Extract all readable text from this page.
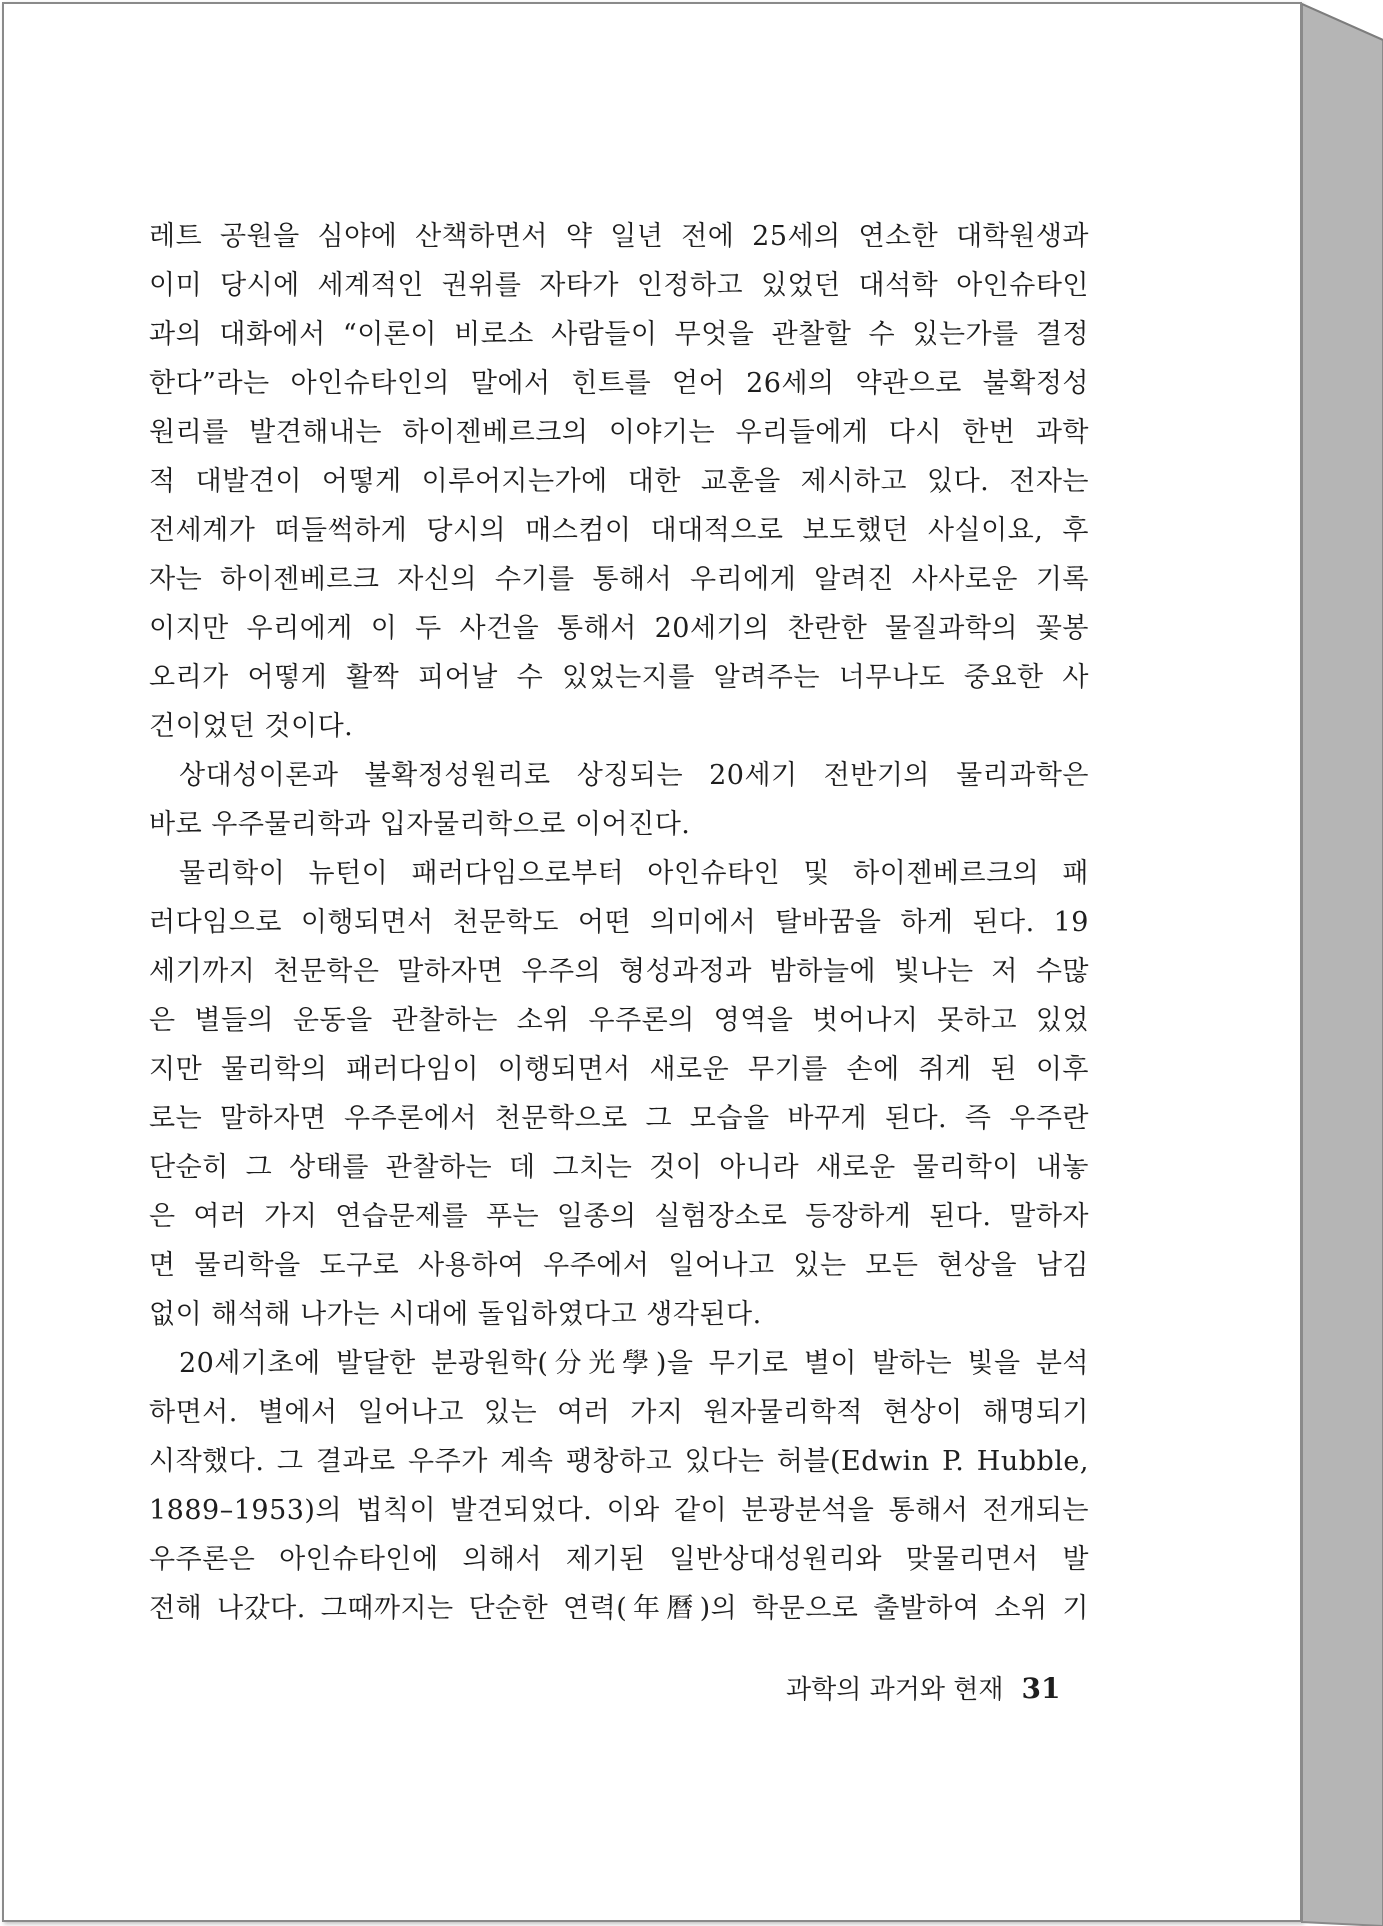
레트 공원을 심야에 산책하면서 약 일년 전에 25세의 연소한 대학원생과
이미 당시에 세계적인 권위를 자타가 인정하고 있었던 대석학 아인슈타인
과의 대화에서 “이론이 비로소 사람들이 무엇을 관찰할 수 있는가를 결정
한다”라는 아인슈타인의 말에서 힌트를 얻어 26세의 약관으로 불확정성
원리를 발견해내는 하이젠베르크의 이야기는 우리들에게 다시 한번 과학
적 대발견이 어떻게 이루어지는가에 대한 교훈을 제시하고 있다. 전자는
전세계가 떠들썩하게 당시의 매스컴이 대대적으로 보도했던 사실이요, 후
자는 하이젠베르크 자신의 수기를 통해서 우리에게 알려진 사사로운 기록
이지만 우리에게 이 두 사건을 통해서 20세기의 찬란한 물질과학의 꽃봉
오리가 어떻게 활짝 피어날 수 있었는지를 알려주는 너무나도 중요한 사
건이었던 것이다.
상대성이론과 불확정성원리로 상징되는 20세기 전반기의 물리과학은
바로 우주물리학과 입자물리학으로 이어진다.
물리학이 뉴턴이 패러다임으로부터 아인슈타인 및 하이젠베르크의 패
러다임으로 이행되면서 천문학도 어떤 의미에서 탈바꿈을 하게 된다. 19
세기까지 천문학은 말하자면 우주의 형성과정과 밤하늘에 빛나는 저 수많
은 별들의 운동을 관찰하는 소위 우주론의 영역을 벗어나지 못하고 있었
지만 물리학의 패러다임이 이행되면서 새로운 무기를 손에 쥐게 된 이후
로는 말하자면 우주론에서 천문학으로 그 모습을 바꾸게 된다. 즉 우주란
단순히 그 상태를 관찰하는 데 그치는 것이 아니라 새로운 물리학이 내놓
은 여러 가지 연습문제를 푸는 일종의 실험장소로 등장하게 된다. 말하자
면 물리학을 도구로 사용하여 우주에서 일어나고 있는 모든 현상을 남김
없이 해석해 나가는 시대에 돌입하였다고 생각된다.
20세기초에 발달한 분광원학(分光學)을 무기로 별이 발하는 빛을 분석
하면서. 별에서 일어나고 있는 여러 가지 원자물리학적 현상이 해명되기
시작했다. 그 결과로 우주가 계속 팽창하고 있다는 허블(Edwin P. Hubble,
1889–1953)의 법칙이 발견되었다. 이와 같이 분광분석을 통해서 전개되는
우주론은 아인슈타인에 의해서 제기된 일반상대성원리와 맞물리면서 발
전해 나갔다. 그때까지는 단순한 연력(年曆)의 학문으로 출발하여 소위 기
과학의 과거와 현재 31
